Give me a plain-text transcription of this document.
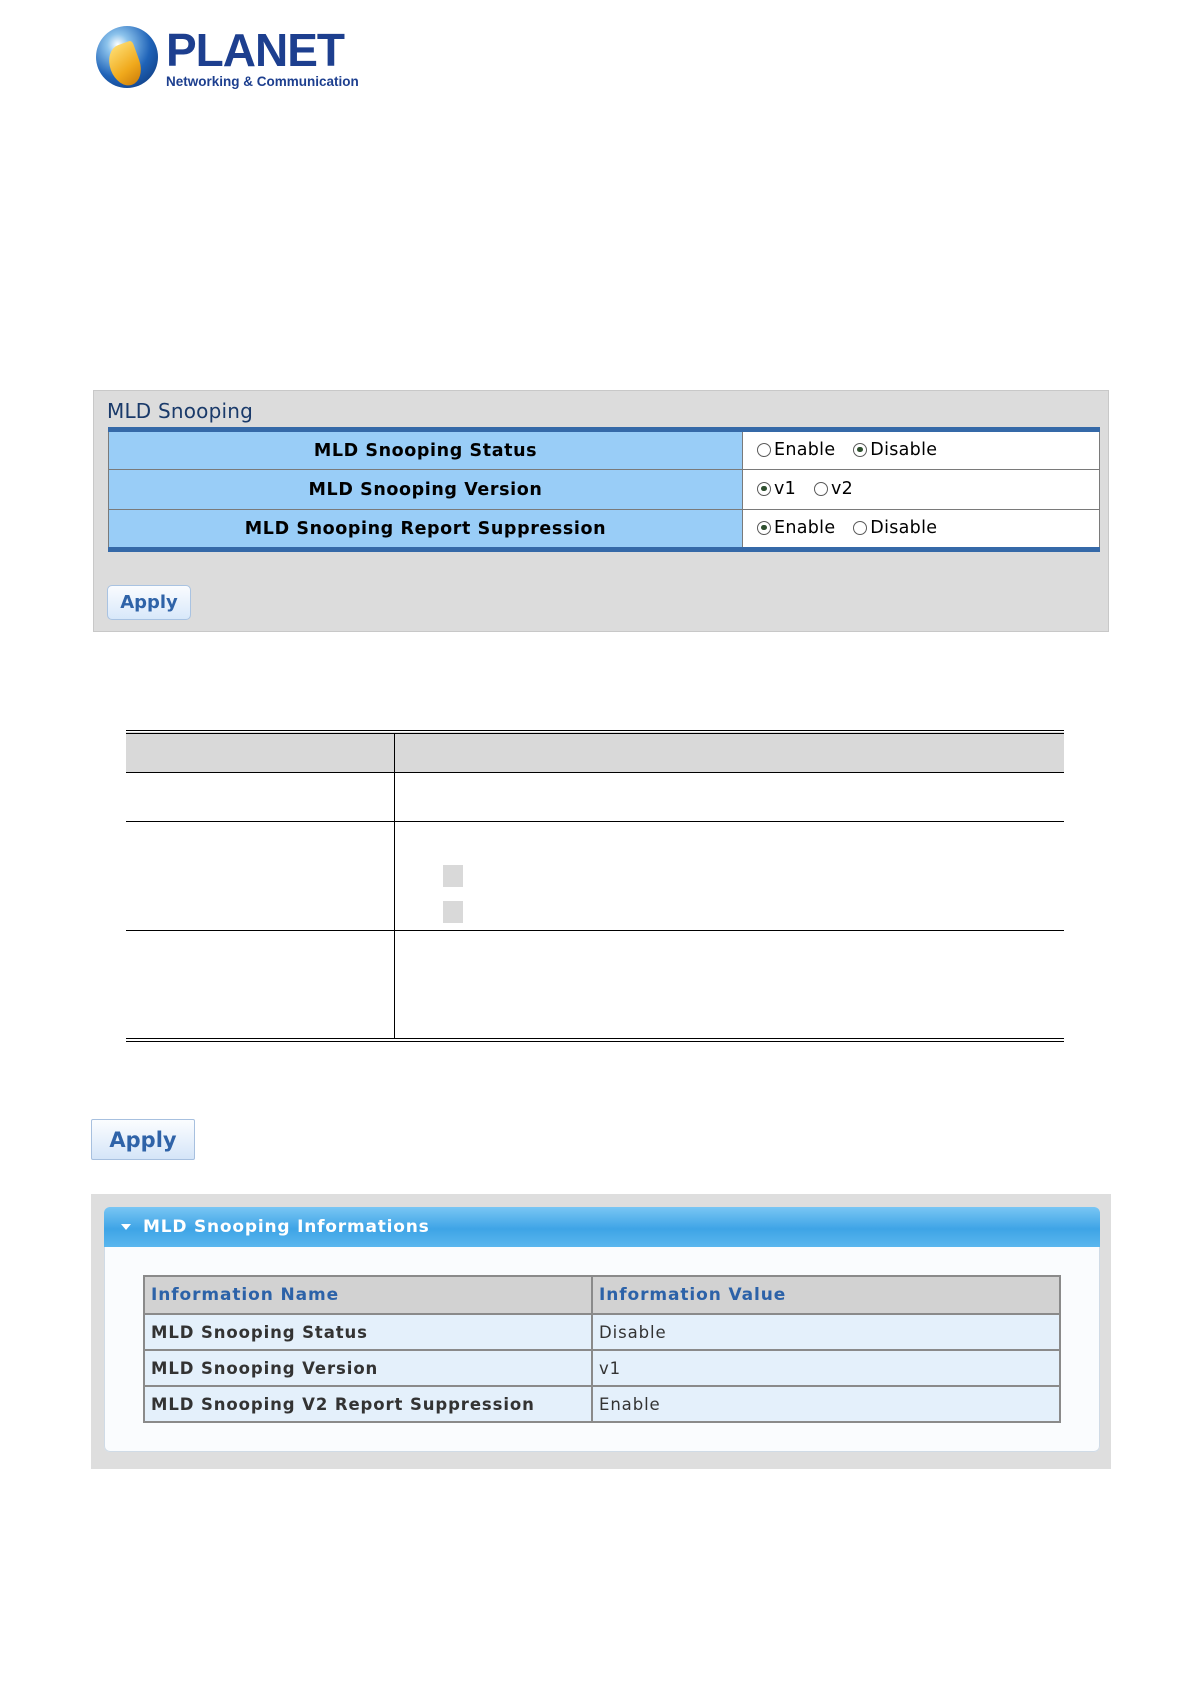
PLANET
Networking & Communication
MLD Snooping
MLD Snooping Status	Enable
Disable

MLD Snooping Version	v1
v2

MLD Snooping Report Suppression	Enable
Disable
Apply

Apply
MLD Snooping Informations
Information Name	Information Value
MLD Snooping Status	Disable
MLD Snooping Version	v1
MLD Snooping V2 Report Suppression	Enable
